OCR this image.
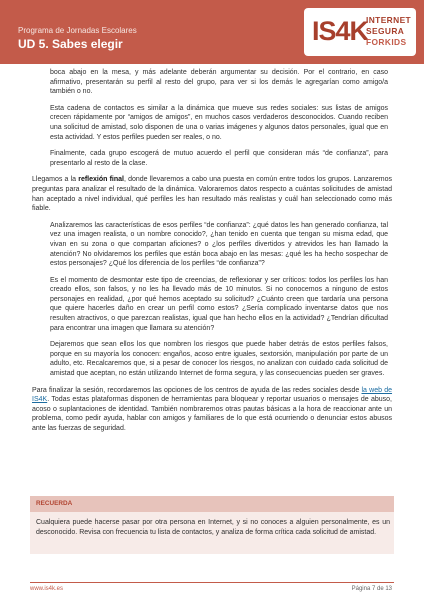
Programa de Jornadas Escolares
UD 5. Sabes elegir	IS4K
INTERNET
SEGURA
FORKIDS

boca abajo en la mesa, y más adelante deberán argumentar su decisión. Por el contrario, en caso afirmativo, presentarán su perfil al resto del grupo, para ver si los demás le agregarían como amigo/a también o no.

Esta cadena de contactos es similar a la dinámica que mueve sus redes sociales: sus listas de amigos crecen rápidamente por “amigos de amigos”, en muchos casos verdaderos desconocidos. Cuando reciben una solicitud de amistad, solo disponen de una o varias imágenes y algunos datos personales, igual que en esta actividad. Y estos perfiles pueden ser reales, o no.

Finalmente, cada grupo escogerá de mutuo acuerdo el perfil que consideran más “de confianza”, para presentarlo al resto de la clase.

Llegamos a la reflexión final, donde llevaremos a cabo una puesta en común entre todos los grupos. Lanzaremos preguntas para analizar el resultado de la dinámica. Valoraremos datos respecto a cuántas solicitudes de amistad han aceptado a nivel individual, qué perfiles les han resultado más realistas y cuál han seleccionado como más fiable.

Analizaremos las características de esos perfiles “de confianza”: ¿qué datos les han generado confianza, tal vez una imagen realista, o un nombre conocido?, ¿han tenido en cuenta que tengan su misma edad, que vivan en su zona o que compartan aficiones? o ¿los perfiles divertidos y atrevidos les han llamado la atención? No olvidaremos los perfiles que están boca abajo en las mesas: ¿qué les ha hecho sospechar de estos personajes? ¿Qué los diferencia de los perfiles “de confianza”?

Es el momento de desmontar este tipo de creencias, de reflexionar y ser críticos: todos los perfiles los han creado ellos, son falsos, y no les ha llevado más de 10 minutos. Si no conocemos a ninguno de estos personajes en realidad, ¿por qué hemos aceptado su solicitud? ¿Cuánto creen que tardaría una persona que quiere hacerles daño en crear un perfil como estos? ¿Sería complicado inventarse datos que nos resulten atractivos, o que parezcan realistas, igual que han hecho ellos en la actividad? ¿Tendrían dificultad para encontrar una imagen que llamara su atención?

Dejaremos que sean ellos los que nombren los riesgos que puede haber detrás de estos perfiles falsos, porque en su mayoría los conocen: engaños, acoso entre iguales, sextorsión, manipulación por parte de un adulto, etc. Recalcaremos que, si a pesar de conocer los riesgos, no analizan con cuidado cada solicitud de amistad que aceptan, no están utilizando Internet de forma segura, y las consecuencias pueden ser graves.

Para finalizar la sesión, recordaremos las opciones de los centros de ayuda de las redes sociales desde la web de IS4K. Todas estas plataformas disponen de herramientas para bloquear y reportar usuarios o mensajes de abuso, acoso o suplantaciones de identidad. También nombraremos otras pautas básicas a la hora de reaccionar ante un problema, como pedir ayuda, hablar con amigos y familiares de lo que está ocurriendo o denunciar estos abusos ante las fuerzas de seguridad.

RECUERDA
Cualquiera puede hacerse pasar por otra persona en Internet, y si no conoces a alguien personalmente, es un desconocido. Revisa con frecuencia tu lista de contactos, y analiza de forma crítica cada solicitud de amistad.
www.is4k.es	Página 7 de 13
